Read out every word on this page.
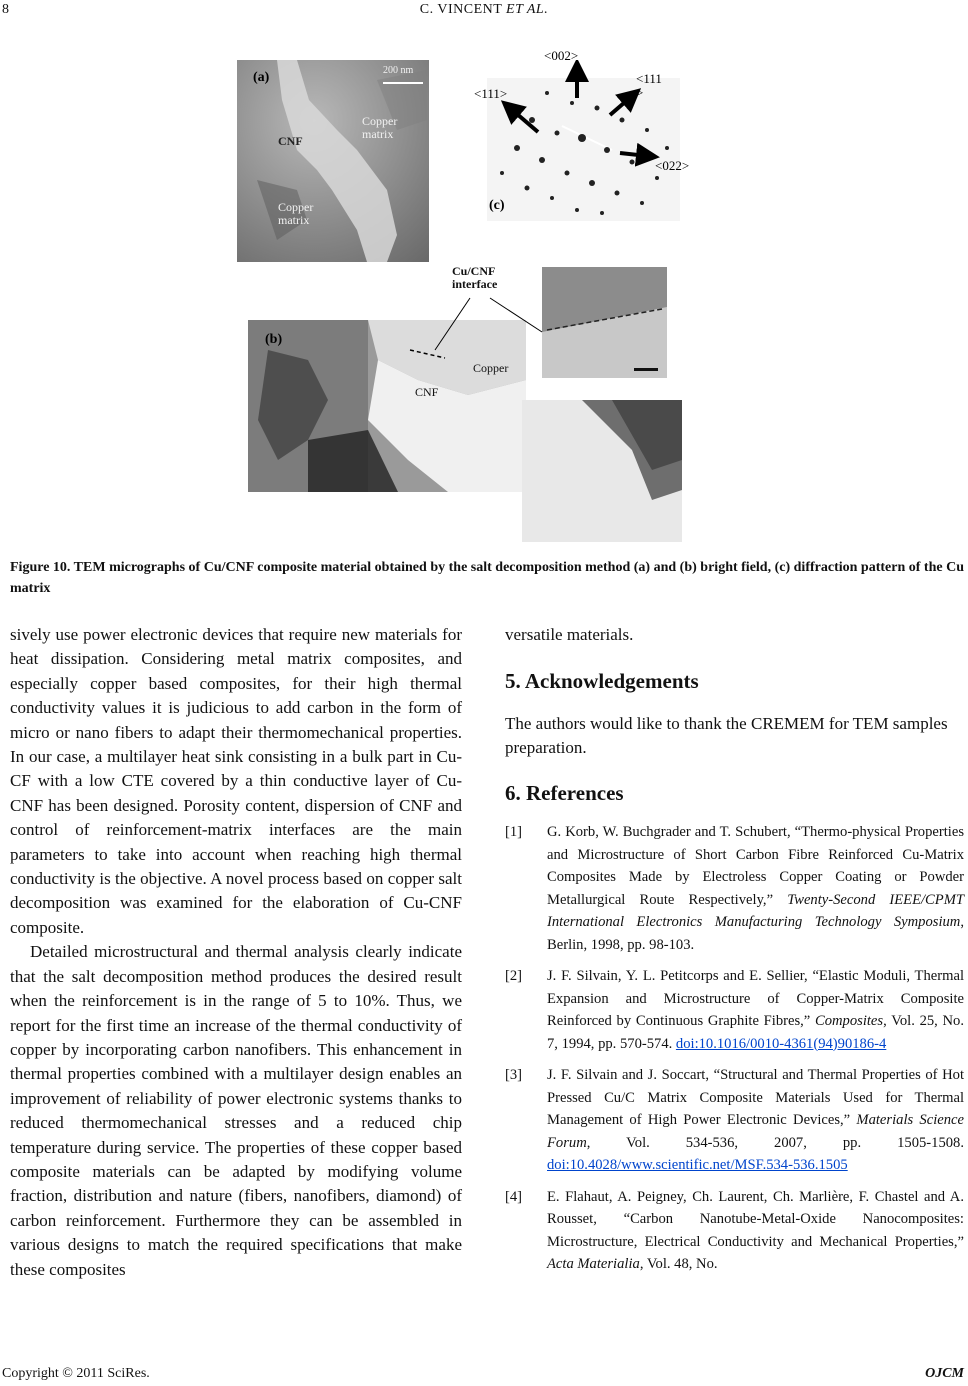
8	C. VINCENT ET AL.
(a)	200 nm
Copper
matrix
CNF
Copper
matrix
(c)
<002>
<111>
<111
>
<022>
(b)
Copper
CNF
Cu/CNF
interface
Figure 10. TEM micrographs of Cu/CNF composite material obtained by the salt decomposition method (a) and (b) bright field, (c) diffraction pattern of the Cu matrix

sively use power electronic devices that require new materials for heat dissipation. Considering metal matrix composites, and especially copper based composites, for their high thermal conductivity values it is judicious to add carbon in the form of micro or nano fibers to adapt their thermomechanical properties. In our case, a multilayer heat sink consisting in a bulk part in Cu-CF with a low CTE covered by a thin conductive layer of Cu-CNF has been designed. Porosity content, dispersion of CNF and control of reinforcement-matrix interfaces are the main parameters to take into account when reaching high thermal conductivity is the objective. A novel process based on copper salt decomposition was examined for the elaboration of Cu-CNF composite.

Detailed microstructural and thermal analysis clearly indicate that the salt decomposition method produces the desired result when the reinforcement is in the range of 5 to 10%. Thus, we report for the first time an increase of the thermal conductivity of copper by incorporating carbon nanofibers. This enhancement in thermal properties combined with a multilayer design enables an improvement of reliability of power electronic systems thanks to reduced thermomechanical stresses and a reduced chip temperature during service. The properties of these copper based composite materials can be adapted by modifying volume fraction, distribution and nature (fibers, nanofibers, diamond) of carbon reinforcement. Furthermore they can be assembled in various designs to match the required specifications that make these composites

versatile materials.

5. Acknowledgements

The authors would like to thank the CREMEM for TEM samples preparation.

6. References

[1] G. Korb, W. Buchgrader and T. Schubert, “Thermo-physical Properties and Microstructure of Short Carbon Fibre Reinforced Cu-Matrix Composites Made by Electroless Copper Coating or Powder Metallurgical Route Respectively,” Twenty-Second IEEE/CPMT International Electronics Manufacturing Technology Symposium, Berlin, 1998, pp. 98-103.
[2] J. F. Silvain, Y. L. Petitcorps and E. Sellier, “Elastic Moduli, Thermal Expansion and Microstructure of Copper-Matrix Composite Reinforced by Continuous Graphite Fibres,” Composites, Vol. 25, No. 7, 1994, pp. 570-574. doi:10.1016/0010-4361(94)90186-4
[3] J. F. Silvain and J. Soccart, “Structural and Thermal Properties of Hot Pressed Cu/C Matrix Composite Materials Used for Thermal Management of High Power Electronic Devices,” Materials Science Forum, Vol. 534-536, 2007, pp. 1505-1508. doi:10.4028/www.scientific.net/MSF.534-536.1505
[4] E. Flahaut, A. Peigney, Ch. Laurent, Ch. Marlière, F. Chastel and A. Rousset, “Carbon Nanotube-Metal-Oxide Nanocomposites: Microstructure, Electrical Conductivity and Mechanical Properties,” Acta Materialia, Vol. 48, No.
Copyright © 2011 SciRes.	OJCM
